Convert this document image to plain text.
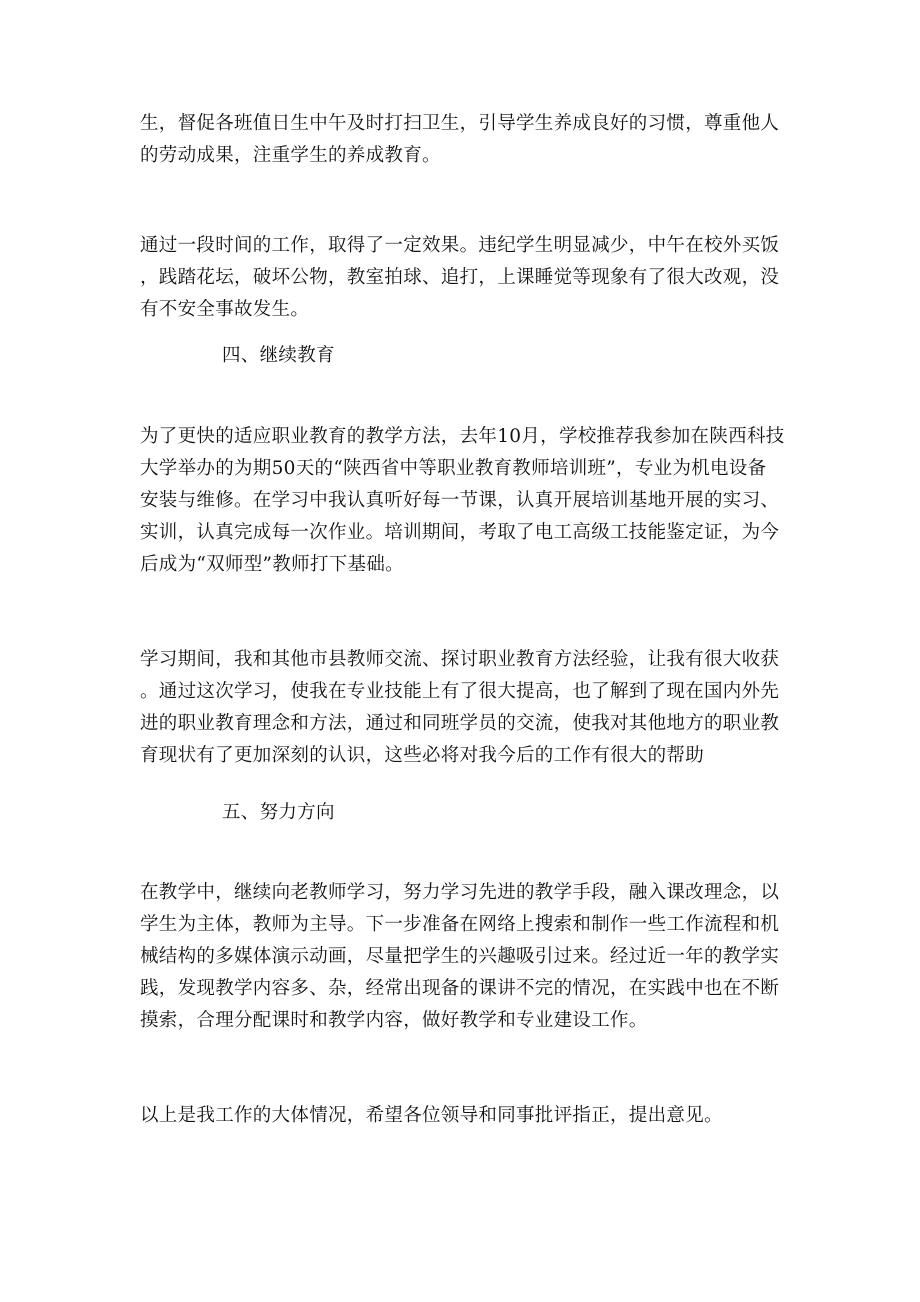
生，督促各班值日生中午及时打扫卫生，引导学生养成良好的习惯，尊重他人
的劳动成果，注重学生的养成教育。

通过一段时间的工作，取得了一定效果。违纪学生明显减少，中午在校外买饭
，践踏花坛，破坏公物，教室拍球、追打，上课睡觉等现象有了很大改观，没
有不安全事故发生。

四、继续教育

为了更快的适应职业教育的教学方法，去年10月，学校推荐我参加在陕西科技
大学举办的为期50天的“陕西省中等职业教育教师培训班”，专业为机电设备
安装与维修。在学习中我认真听好每一节课，认真开展培训基地开展的实习、
实训，认真完成每一次作业。培训期间，考取了电工高级工技能鉴定证，为今
后成为“双师型”教师打下基础。

学习期间，我和其他市县教师交流、探讨职业教育方法经验，让我有很大收获
。通过这次学习，使我在专业技能上有了很大提高，也了解到了现在国内外先
进的职业教育理念和方法，通过和同班学员的交流，使我对其他地方的职业教
育现状有了更加深刻的认识，这些必将对我今后的工作有很大的帮助

五、努力方向

在教学中，继续向老教师学习，努力学习先进的教学手段，融入课改理念，以
学生为主体，教师为主导。下一步准备在网络上搜索和制作一些工作流程和机
械结构的多媒体演示动画，尽量把学生的兴趣吸引过来。经过近一年的教学实
践，发现教学内容多、杂，经常出现备的课讲不完的情况，在实践中也在不断
摸索，合理分配课时和教学内容，做好教学和专业建设工作。

以上是我工作的大体情况，希望各位领导和同事批评指正，提出意见。
